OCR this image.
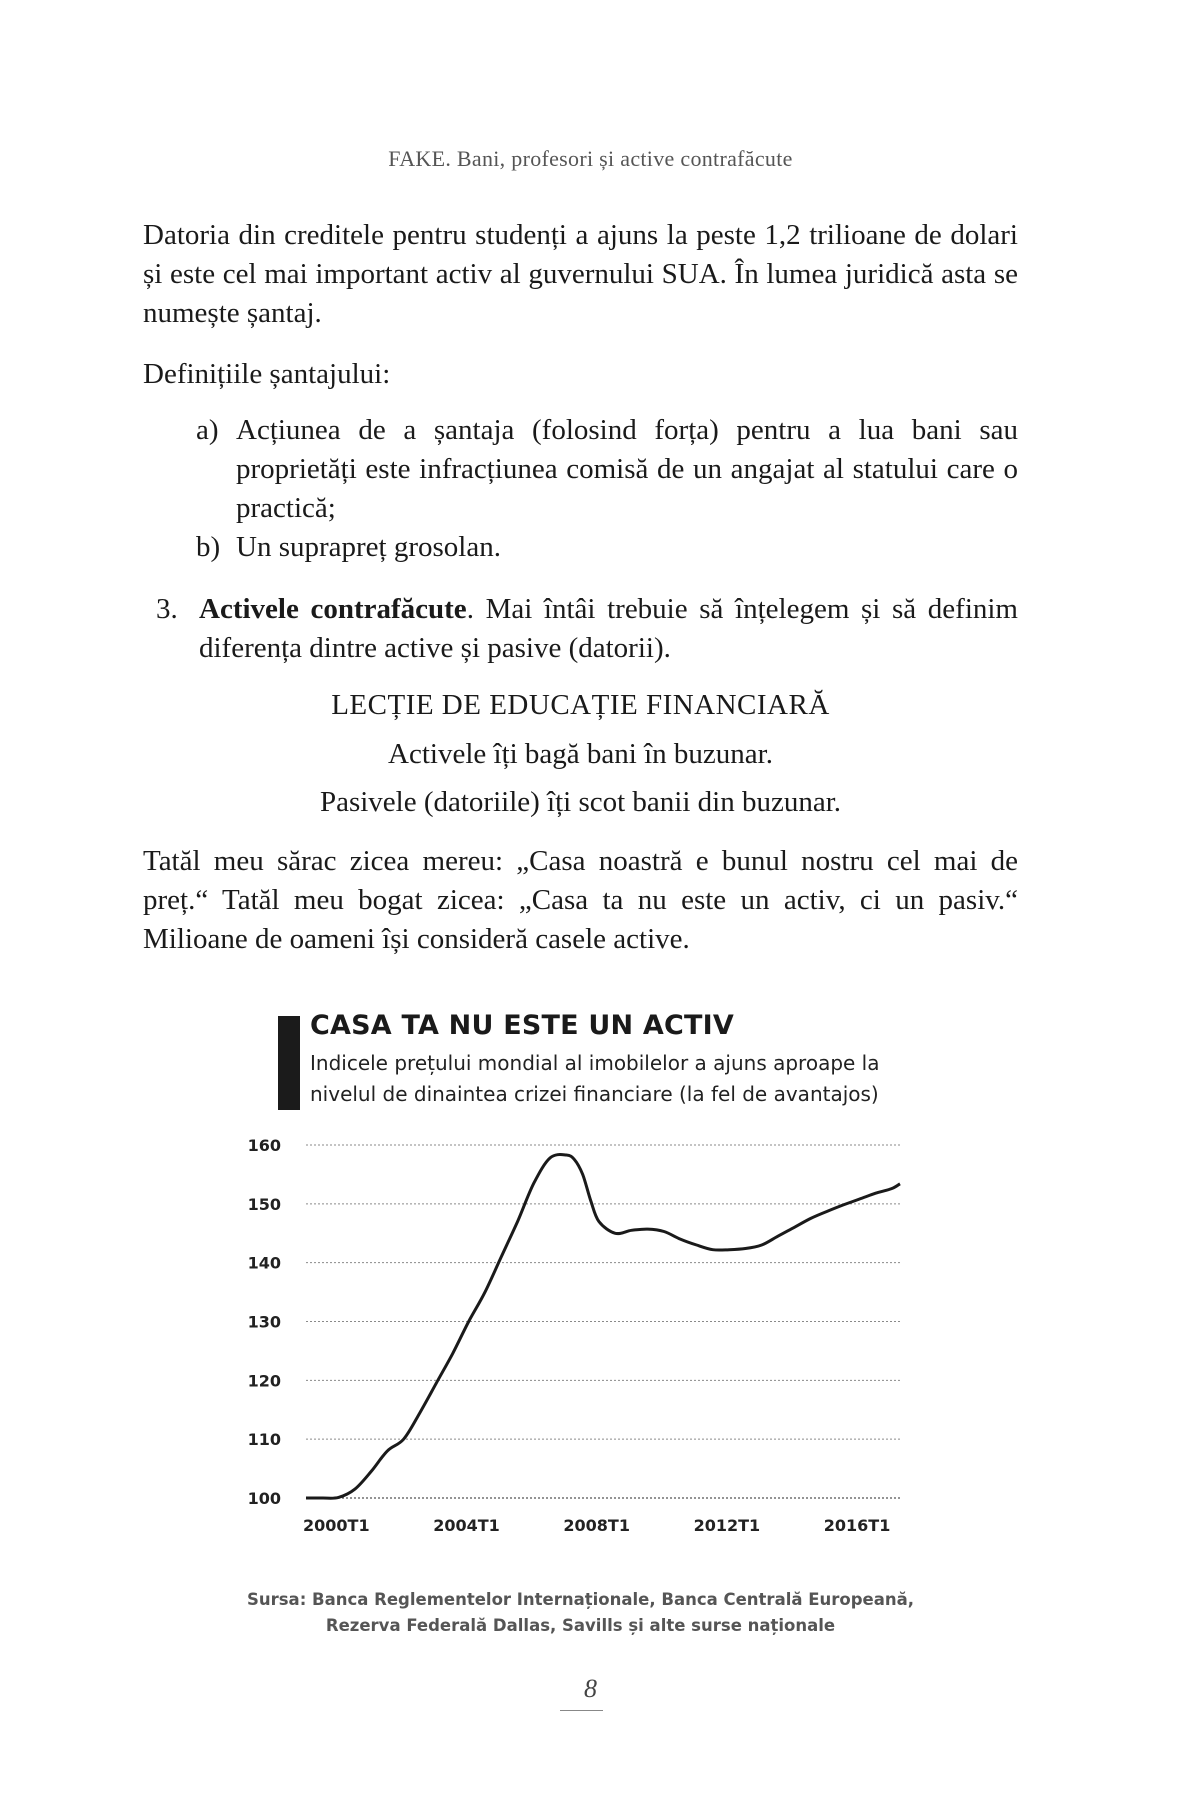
FAKE. Bani, profesori și active contrafăcute

Datoria din creditele pentru studenți a ajuns la peste 1,2 trilioane de dolari și este cel mai important activ al guvernului SUA. În lumea juridică asta se numește șantaj.

Definițiile șantajului:

a) Acțiunea de a șantaja (folosind forța) pentru a lua bani sau proprietăți este infracțiunea comisă de un angajat al statului care o practică;
b) Un suprapreț grosolan.
3. Activele contrafăcute. Mai întâi trebuie să înțelegem și să definim diferența dintre active și pasive (datorii).
LECȚIE DE EDUCAȚIE FINANCIARĂ
Activele îți bagă bani în buzunar.
Pasivele (datoriile) îți scot banii din buzunar.

Tatăl meu sărac zicea mereu: „Casa noastră e bunul nostru cel mai de preț.“ Tatăl meu bogat zicea: „Casa ta nu este un activ, ci un pasiv.“ Milioane de oameni își consideră casele active.

CASA TA NU ESTE UN ACTIV
Indicele prețului mondial al imobilelor a ajuns aproape la
nivelul de dinaintea crizei financiare (la fel de avantajos)
100
110
120
130
140
150
160
2000T1	2004T1	2008T1	2012T1	2016T1
Sursa: Banca Reglementelor Internaționale, Banca Centrală Europeană,
Rezerva Federală Dallas, Savills și alte surse naționale
8
